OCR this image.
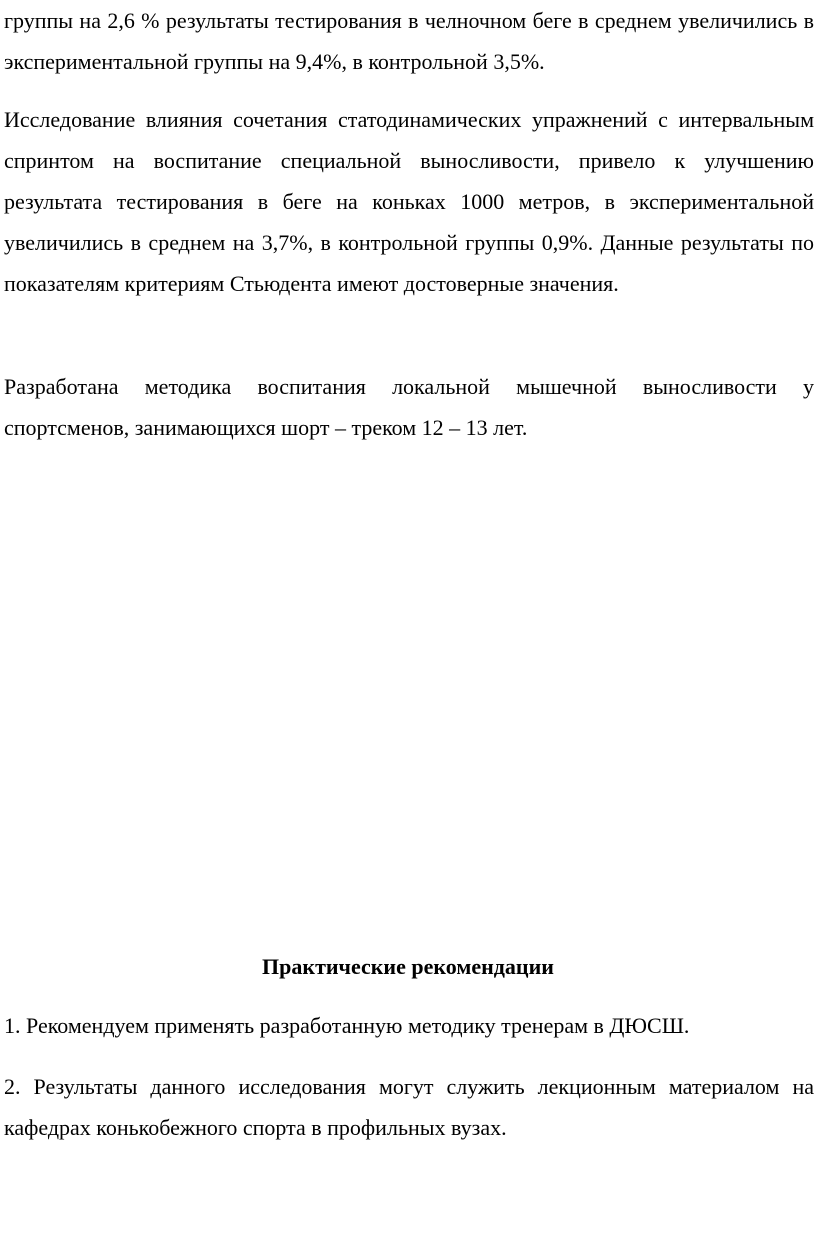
группы на 2,6 % результаты тестирования в челночном беге в среднем увеличились в экспериментальной группы на 9,4%, в контрольной 3,5%.

Исследование влияния сочетания статодинамических упражнений с интервальным спринтом на воспитание специальной выносливости, привело к улучшению результата тестирования в беге на коньках 1000 метров, в экспериментальной увеличились в среднем на 3,7%, в контрольной группы 0,9%. Данные результаты по показателям критериям Стьюдента имеют достоверные значения.

Разработана методика воспитания локальной мышечной выносливости у спортсменов, занимающихся шорт – треком 12 – 13 лет.

Практические рекомендации

1. Рекомендуем применять разработанную методику тренерам в ДЮСШ.

2. Результаты данного исследования могут служить лекционным материалом на кафедрах конькобежного спорта в профильных вузах.
